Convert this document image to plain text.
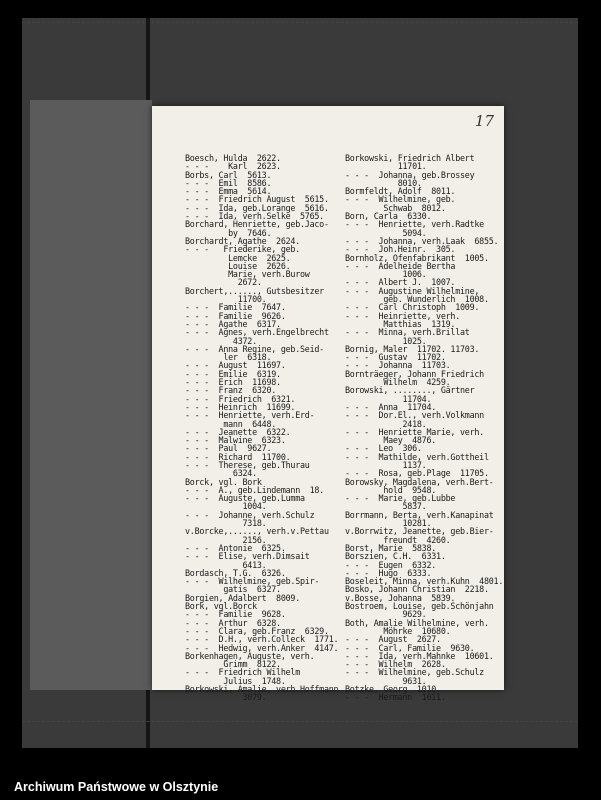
17
Boesch, Hulda  2622.
- - -    Karl  2623.
Borbs, Carl  5613.
- - -  Emil  8586.
- - -  Emma  5614.
- - -  Friedrich August  5615.
- - -  Ida, geb.Lorange  5616.
- - -  Ida, verh.Selke  5765.
Borchard, Henriette, geb.Jaco-
by  7646.
Borchardt, Agathe  2624.
- - -   Friederike, geb.
Lemcke  2625.
Louise  2626.
Marie, verh.Burow
2672.
Borchert,......, Gutsbesitzer
11700.
- - -  Familie  7647.
- - -  Familie  9626.
- - -  Agathe  6317.
- - -  Agnes, verh.Engelbrecht
4372.
- - -  Anna Regine, geb.Seid-
ler  6318.
- - -  August  11697.
- - -  Emilie  6319.
- - -  Erich  11698.
- - -  Franz  6320.
- - -  Friedrich  6321.
- - -  Heinrich  11699.
- - -  Henriette, verh.Erd-
mann  6448.
- - -  Jeanette  6322.
- - -  Malwine  6323.
- - -  Paul  9627.
- - -  Richard  11700.
- - -  Therese, geb.Thurau
6324.
Borck, vgl. Bork
- - -  A., geb.Lindemann  18.
- - -  Auguste, geb.Lumma
1004.
- - -  Johanne, verh.Schulz
7318.
v.Borcke,......, verh.v.Pettau
2156.
- - -  Antonie  6325.
- - -  Elise, verh.Dimsait
6413.
Bordasch, T.G.  6326.
- - -  Wilhelmine, geb.Spir-
gatis  6327.
Borgien, Adalbert  8009.
Bork, vgl.Borck
- - -  Familie  9628.
- - -  Arthur  6328.
- - -  Clara, geb.Franz  6329.
- - -  D.H., verh.Colleck  1771.
- - -  Hedwig, verh.Anker  4147.
Borkenhagen, Auguste, verh.
Grimm  8122.
- - -  Friedrich Wilhelm
Julius  1748.
Borkowski, Amalie, verh.Hoffmann
3079.
Borkowski, Friedrich Albert
11701.
- - -  Johanna, geb.Brossey
8010.
Bormfeldt, Adolf  8011.
- - -  Wilhelmine, geb.
Schwab  8012.
Born, Carla  6330.
- - -  Henriette, verh.Radtke
5094.
- - -  Johanna, verh.Laak  6855.
- - -  Joh.Heinr.  305.
Bornholz, Ofenfabrikant  1005.
- - -  Adelheide Bertha
1006.
- - -  Albert J.  1007.
- - -  Augustine Wilhelmine,
geb. Wunderlich  1008.
- - -  Carl Christoph  1009.
- - -  Heinriette, verh.
Matthias  1319.
- - -  Minna, verh.Brillat
1025.
Bornig, Maler  11702. 11703.
- - -  Gustav  11702.
- - -  Johanna  11703.
Bornträeger, Johann Friedrich
Wilhelm  4259.
Borowski, ........, Gärtner
11704.
- - -  Anna  11704.
- - -  Dor.El., verh.Volkmann
2418.
- - -  Henriette Marie, verh.
Maey  4876.
- - -  Leo  306.
- - -  Mathilde, verh.Gottheil
1137.
- - -  Rosa, geb.Plage  11705.
Borowsky, Magdalena, verh.Bert-
hold  9548.
- - -  Marie, geb.Lubbe
5837.
Borrmann, Berta, verh.Kanapinat
10281.
v.Borrwitz, Jeanette, geb.Bier-
freundt  4260.
Borst, Marie  5838.
Borszien, C.H.  6331.
- - -  Eugen  6332.
- - -  Hugo  6333.
Boseleit, Minna, verh.Kuhn  4801.
Bosko, Johann Christian  2218.
v.Bosse, Johanna  5839.
Bostroem, Louise, geb.Schönjahn
9629.
Both, Amalie Wilhelmine, verh.
Möhrke  10680.
- - -  August  2627.
- - -  Carl, Familie  9630.
- - -  Ida, verh.Mahnke  10601.
- - -  Wilhelm  2628.
- - -  Wilhelmine, geb.Schulz
9631.
Botzke, Georg  1010.
- - -  Hermann  1011.
Archiwum Państwowe w Olsztynie
